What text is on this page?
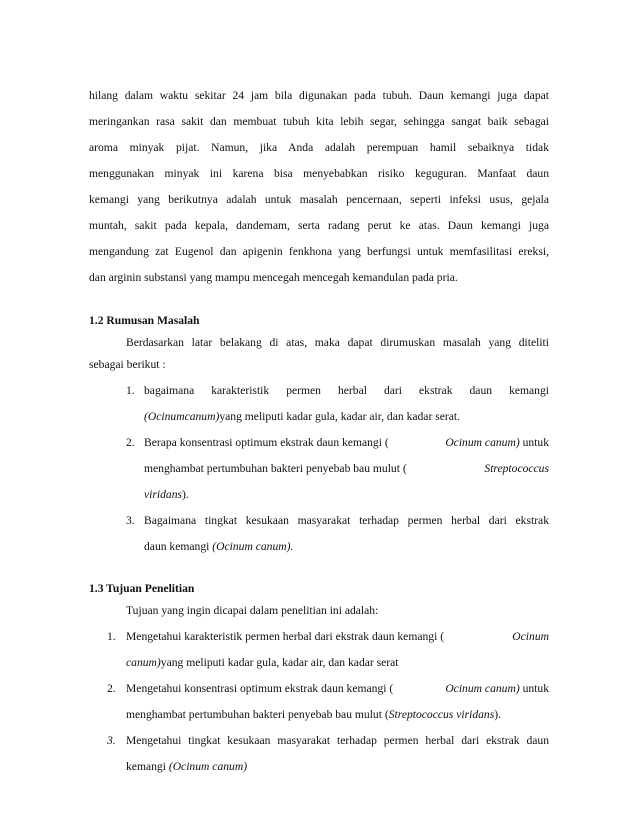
hilang dalam waktu sekitar 24 jam bila digunakan pada tubuh. Daun kemangi juga dapat
meringankan rasa sakit dan membuat tubuh kita lebih segar, sehingga sangat baik sebagai
aroma minyak pijat. Namun, jika Anda adalah perempuan hamil sebaiknya tidak
menggunakan minyak ini karena bisa menyebabkan risiko keguguran. Manfaat daun
kemangi yang berikutnya adalah untuk masalah pencernaan, seperti infeksi usus, gejala
muntah, sakit pada kepala, dandemam, serta radang perut ke atas. Daun kemangi juga
mengandung zat Eugenol dan apigenin fenkhona yang berfungsi untuk memfasilitasi ereksi,
dan arginin substansi yang mampu mencegah mencegah kemandulan pada pria.
1.2 Rumusan Masalah
Berdasarkan latar belakang di atas, maka dapat dirumuskan masalah yang diteliti
sebagai berikut :
1. bagaimana karakteristik permen herbal dari ekstrak daun kemangi
(Ocinumcanum)yang meliputi kadar gula, kadar air, dan kadar serat.
2. Berapa konsentrasi optimum ekstrak daun kemangi (	Ocinum canum) untuk
menghambat pertumbuhan bakteri penyebab bau mulut (	Streptococcus
viridans).
3. Bagaimana tingkat kesukaan masyarakat terhadap permen herbal dari ekstrak
daun kemangi (Ocinum canum).
1.3 Tujuan Penelitian
Tujuan yang ingin dicapai dalam penelitian ini adalah:
1. Mengetahui karakteristik permen herbal dari ekstrak daun kemangi (	Ocinum
canum)yang meliputi kadar gula, kadar air, dan kadar serat
2. Mengetahui konsentrasi optimum ekstrak daun kemangi (	Ocinum canum) untuk
menghambat pertumbuhan bakteri penyebab bau mulut (Streptococcus viridans).
3. Mengetahui tingkat kesukaan masyarakat terhadap permen herbal dari ekstrak daun
kemangi (Ocinum canum)
